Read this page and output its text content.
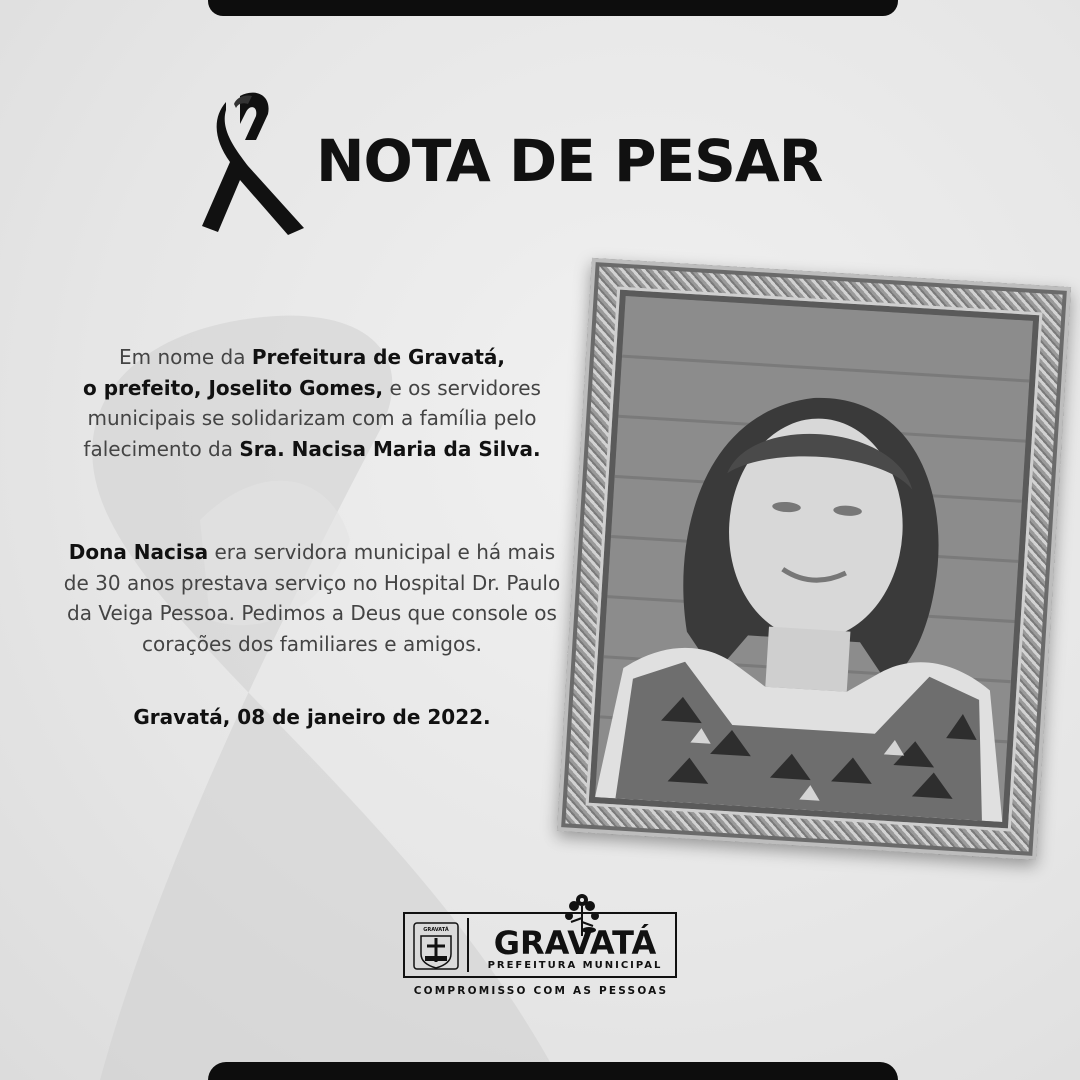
NOTA DE PESAR

Em nome da Prefeitura de Gravatá,
o prefeito, Joselito Gomes, e os servidores municipais se solidarizam com a família pelo falecimento da Sra. Nacisa Maria da Silva.

Dona Nacisa era servidora municipal e há mais de 30 anos prestava serviço no Hospital Dr. Paulo da Veiga Pessoa. Pedimos a Deus que console os corações dos familiares e amigos.

Gravatá, 08 de janeiro de 2022.

GRAVATÁ	GRAVATÁ

PREFEITURA MUNICIPAL

COMPROMISSO COM AS PESSOAS
